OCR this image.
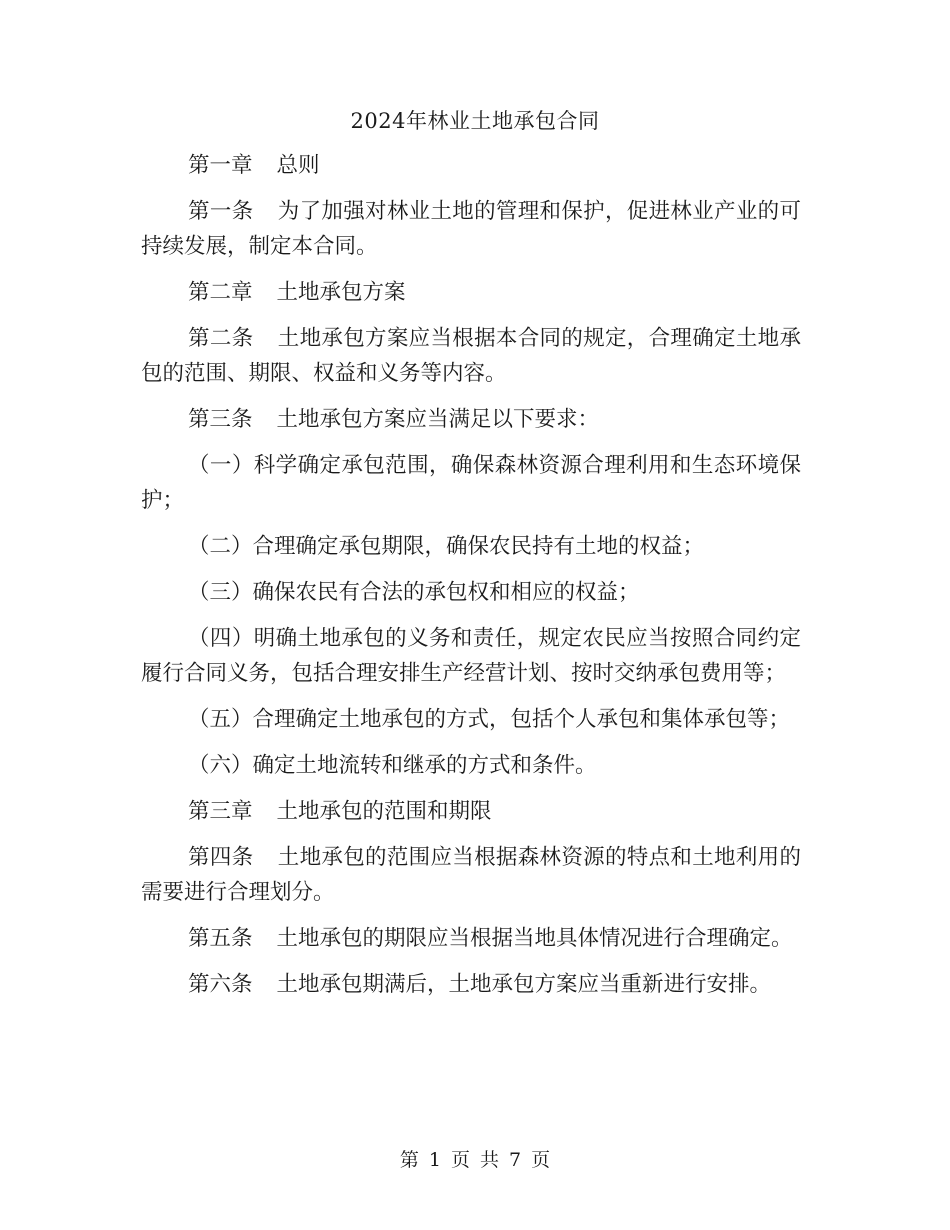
2024年林业土地承包合同

第一章 总则

第一条 为了加强对林业土地的管理和保护，促进林业产业的可持续发展，制定本合同。

第二章 土地承包方案

第二条 土地承包方案应当根据本合同的规定，合理确定土地承包的范围、期限、权益和义务等内容。

第三条 土地承包方案应当满足以下要求：

（一）科学确定承包范围，确保森林资源合理利用和生态环境保护；

（二）合理确定承包期限，确保农民持有土地的权益；

（三）确保农民有合法的承包权和相应的权益；

（四）明确土地承包的义务和责任，规定农民应当按照合同约定履行合同义务，包括合理安排生产经营计划、按时交纳承包费用等；

（五）合理确定土地承包的方式，包括个人承包和集体承包等；

（六）确定土地流转和继承的方式和条件。

第三章 土地承包的范围和期限

第四条 土地承包的范围应当根据森林资源的特点和土地利用的需要进行合理划分。

第五条 土地承包的期限应当根据当地具体情况进行合理确定。

第六条 土地承包期满后，土地承包方案应当重新进行安排。

第 1 页 共 7 页
